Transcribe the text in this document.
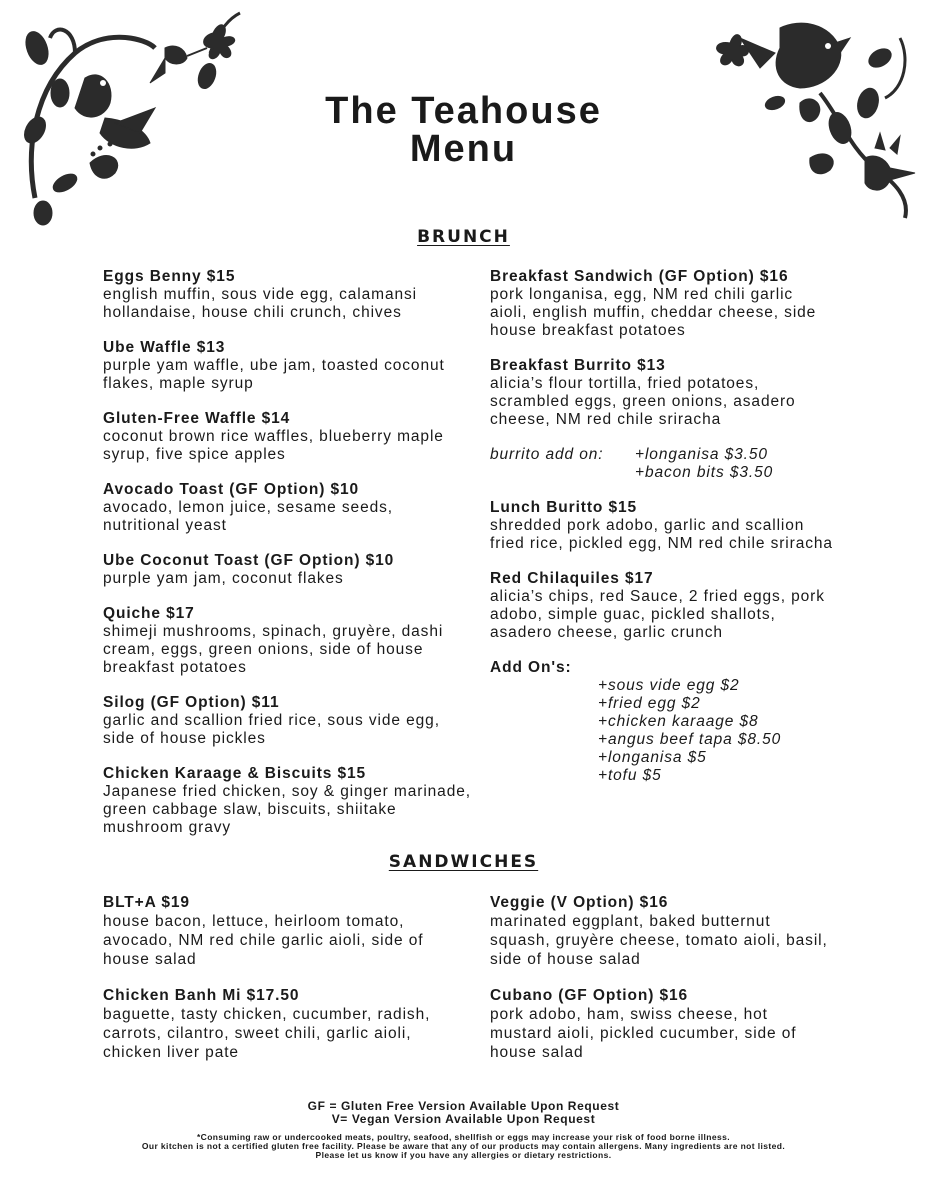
The Teahouse
Menu
BRUNCH
Eggs Benny $15
english muffin, sous vide egg, calamansi hollandaise, house chili crunch, chives
Ube Waffle $13
purple yam waffle, ube jam, toasted coconut flakes, maple syrup
Gluten-Free Waffle $14
coconut brown rice waffles, blueberry maple syrup, five spice apples
Avocado Toast (GF Option) $10
avocado, lemon juice, sesame seeds, nutritional yeast
Ube Coconut Toast (GF Option) $10
purple yam jam, coconut flakes
Quiche $17
shimeji mushrooms, spinach, gruyère, dashi cream, eggs, green onions, side of house breakfast potatoes
Silog (GF Option) $11
garlic and scallion fried rice, sous vide egg, side of house pickles
Chicken Karaage & Biscuits $15
Japanese fried chicken, soy & ginger marinade, green cabbage slaw, biscuits, shiitake mushroom gravy
Breakfast Sandwich (GF Option) $16
pork longanisa, egg, NM red chili garlic aioli, english muffin, cheddar cheese, side house breakfast potatoes
Breakfast Burrito $13
alicia’s flour tortilla, fried potatoes, scrambled eggs, green onions, asadero cheese, NM red chile sriracha
burrito add on:	+longanisa $3.50
+bacon bits $3.50
Lunch Buritto $15
shredded pork adobo, garlic and scallion fried rice, pickled egg, NM red chile sriracha
Red Chilaquiles $17
alicia’s chips, red Sauce, 2 fried eggs, pork adobo, simple guac, pickled shallots, asadero cheese, garlic crunch
Add On's:
+sous vide egg $2
+fried egg $2
+chicken karaage $8
+angus beef tapa $8.50
+longanisa $5
+tofu $5
SANDWICHES
BLT+A $19
house bacon, lettuce, heirloom tomato, avocado, NM red chile garlic aioli, side of house salad
Chicken Banh Mi $17.50
baguette, tasty chicken, cucumber, radish, carrots, cilantro, sweet chili, garlic aioli, chicken liver pate
Veggie (V Option) $16
marinated eggplant, baked butternut squash, gruyère cheese, tomato aioli, basil, side of house salad
Cubano (GF Option) $16
pork adobo, ham, swiss cheese, hot mustard aioli, pickled cucumber, side of house salad
GF = Gluten Free Version Available Upon Request
V= Vegan Version Available Upon Request
*Consuming raw or undercooked meats, poultry, seafood, shellfish or eggs may increase your risk of food borne illness.
Our kitchen is not a certified gluten free facility. Please be aware that any of our products may contain allergens. Many ingredients are not listed.
Please let us know if you have any allergies or dietary restrictions.
